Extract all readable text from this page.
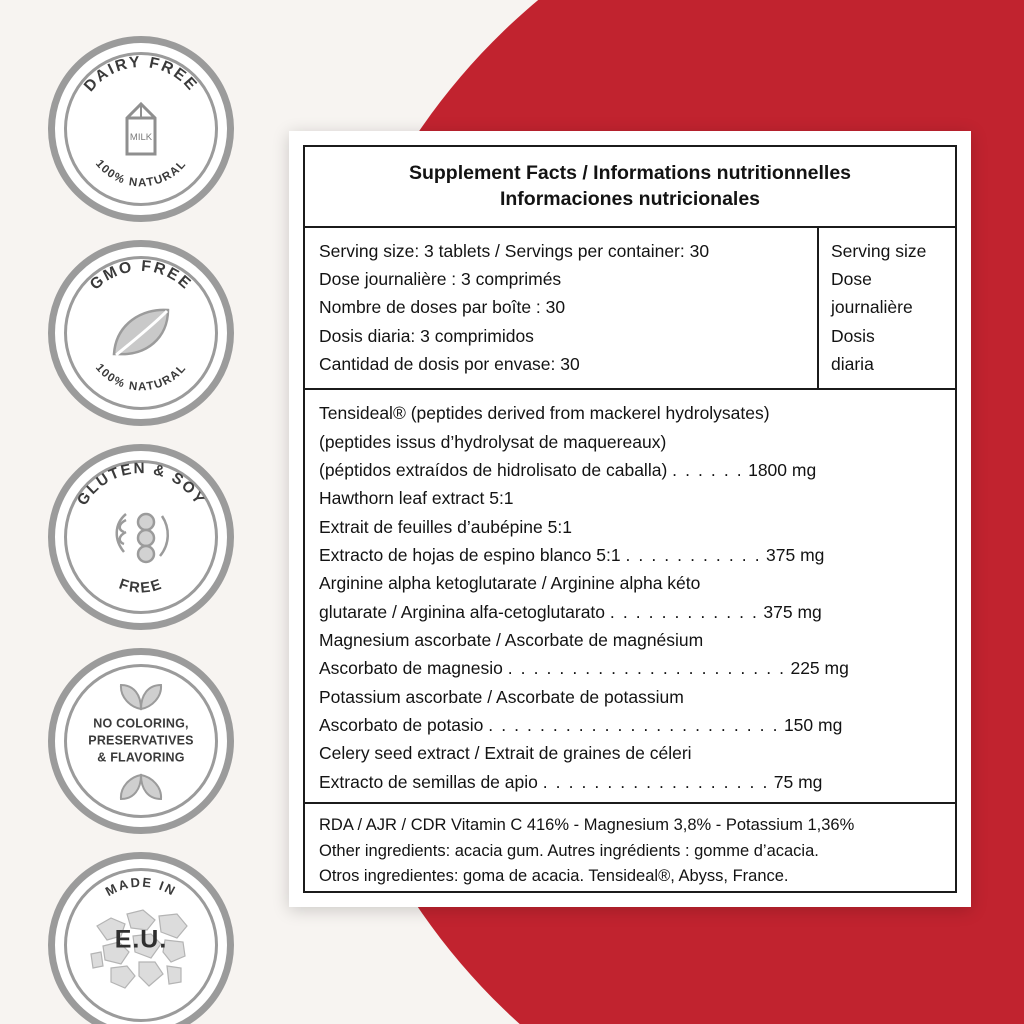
DAIRY FREE
100% NATURAL
MILK
GMO FREE
100% NATURAL
GLUTEN & SOY
FREE
NO COLORING,
PRESERVATIVES
& FLAVORING
MADE IN
E.U.
Supplement Facts / Informations nutritionnelles
Informaciones nutricionales
Serving size: 3 tablets / Servings per container: 30
Dose journalière : 3 comprimés
Nombre de doses par boîte : 30
Dosis diaria: 3 comprimidos
Cantidad de dosis por envase: 30
Serving size
Dose
journalière
Dosis
diaria
Tensideal® (peptides derived from mackerel hydrolysates)
(peptides issus d’hydrolysat de maquereaux)
(péptidos extraídos de hidrolisato de caballa) . . . . . . 1800 mg
Hawthorn leaf extract 5:1
Extrait de feuilles d’aubépine 5:1
Extracto de hojas de espino blanco 5:1 . . . . . . . . . . . 375 mg
Arginine alpha ketoglutarate / Arginine alpha kéto
glutarate / Arginina alfa-cetoglutarato . . . . . . . . . . . . 375 mg
Magnesium ascorbate / Ascorbate de magnésium
Ascorbato de magnesio . . . . . . . . . . . . . . . . . . . . . . 225 mg
Potassium ascorbate / Ascorbate de potassium
Ascorbato de potasio . . . . . . . . . . . . . . . . . . . . . . . 150 mg
Celery seed extract / Extrait de graines de céleri
Extracto de semillas de apio . . . . . . . . . . . . . . . . . . 75 mg
RDA / AJR / CDR Vitamin C 416% - Magnesium 3,8% - Potassium 1,36%
Other ingredients: acacia gum. Autres ingrédients : gomme d’acacia.
Otros ingredientes: goma de acacia. Tensideal®, Abyss, France.
